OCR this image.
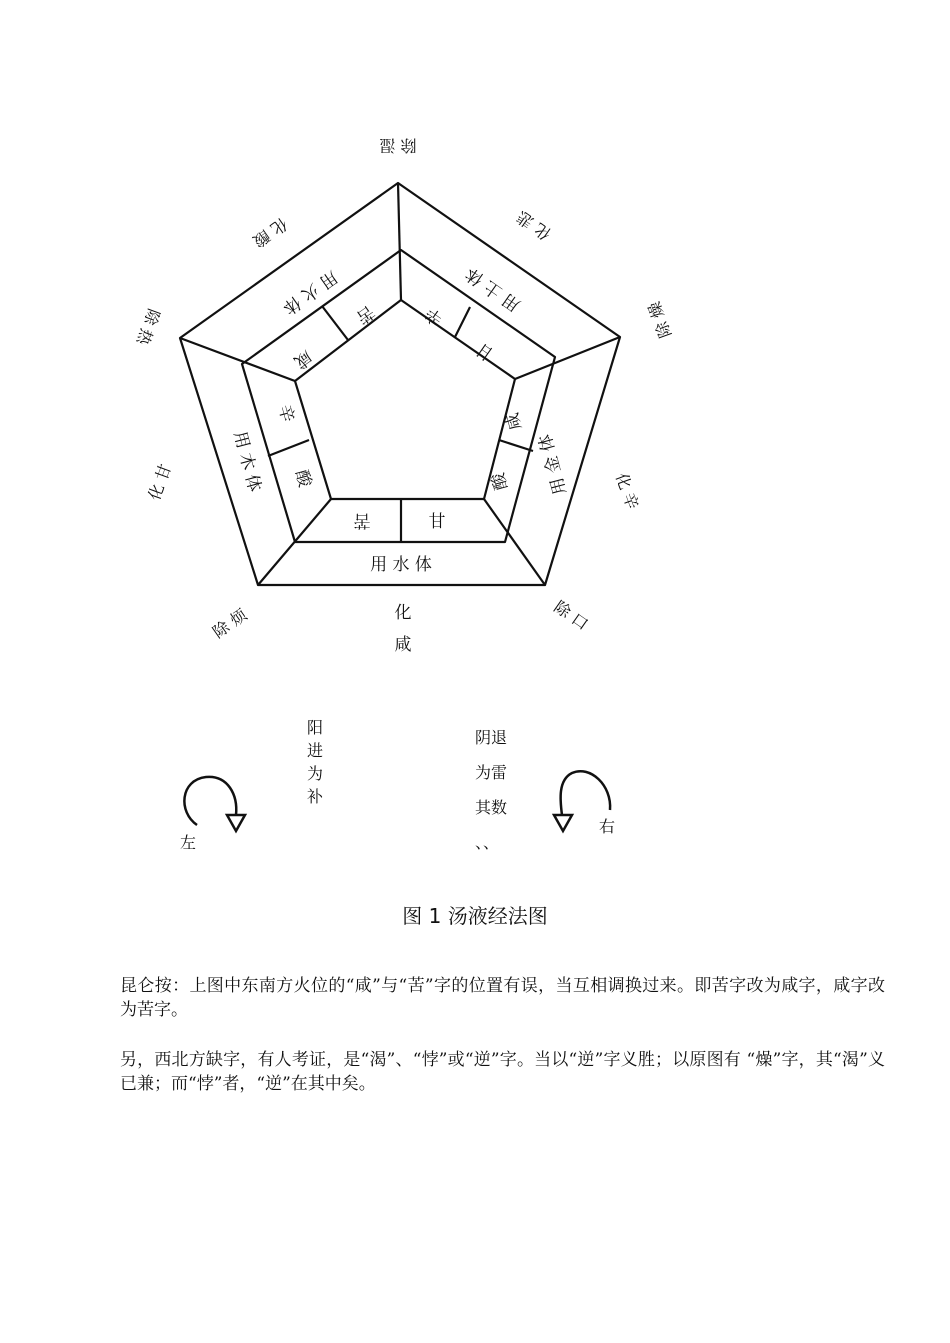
除 湿
化 悲
除 燥
化 辛
除 口
化
咸
除 烦
化 甘
除 热
化 酸
用 土 体
辛
甘
用 金 体
咸
酸
用 水 体
苦	甘
用 木 体
辛
酸
用 火 体 苦
咸
左
右
阳进为补
阴退
为雷
其数
、、
图 1 汤液经法图

昆仑按：上图中东南方火位的“咸”与“苦”字的位置有误，当互相调换过来。即苦字改为咸字，咸字改为苦字。

另，西北方缺字，有人考证，是“渴”、“悖”或“逆”字。当以“逆”字义胜；以原图有 “燥”字，其“渴”义已兼；而“悖”者，“逆”在其中矣。
